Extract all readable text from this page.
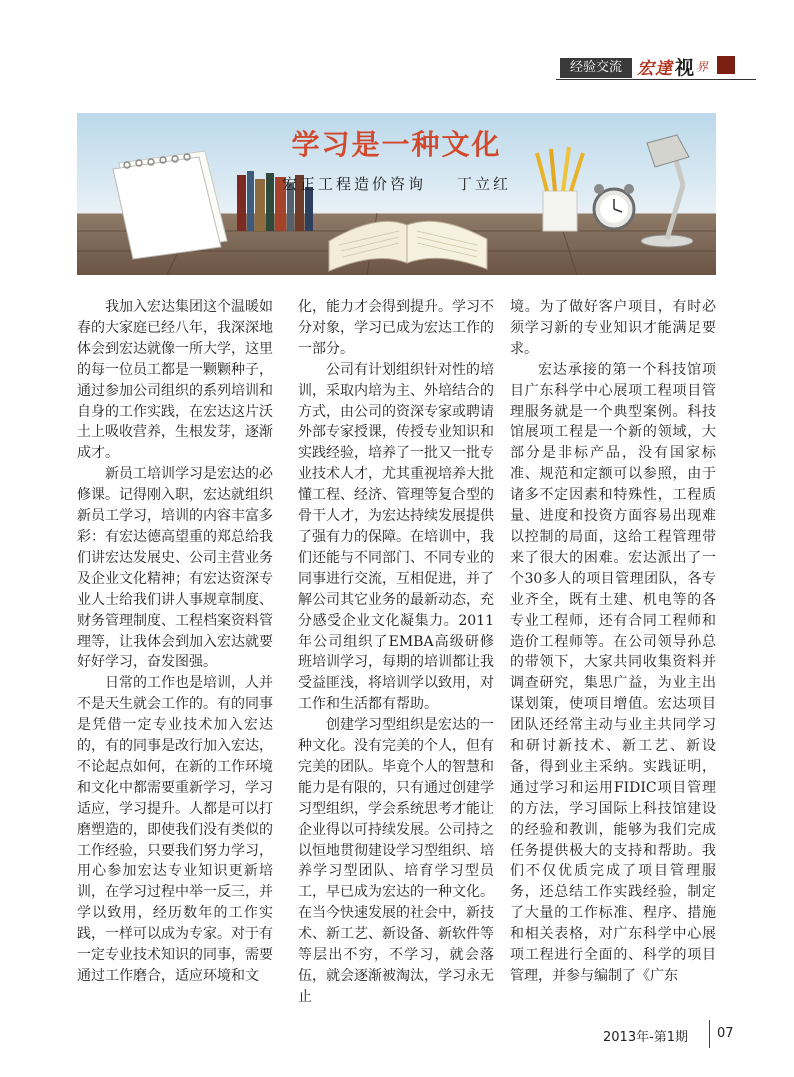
经验交流 宏達 视 界
学习是一种文化
宏正工程造价咨询    丁立红

我加入宏达集团这个温暖如春的大家庭已经八年，我深深地体会到宏达就像一所大学，这里的每一位员工都是一颗颗种子，通过参加公司组织的系列培训和自身的工作实践，在宏达这片沃土上吸收营养，生根发芽，逐渐成才。

新员工培训学习是宏达的必修课。记得刚入职，宏达就组织新员工学习，培训的内容丰富多彩：有宏达德高望重的郑总给我们讲宏达发展史、公司主营业务及企业文化精神；有宏达资深专业人士给我们讲人事规章制度、财务管理制度、工程档案资料管理等，让我体会到加入宏达就要好好学习，奋发图强。

日常的工作也是培训，人并不是天生就会工作的。有的同事是凭借一定专业技术加入宏达的，有的同事是改行加入宏达，不论起点如何，在新的工作环境和文化中都需要重新学习，学习适应，学习提升。人都是可以打磨塑造的，即使我们没有类似的工作经验，只要我们努力学习，用心参加宏达专业知识更新培训，在学习过程中举一反三，并学以致用，经历数年的工作实践，一样可以成为专家。对于有一定专业技术知识的同事，需要通过工作磨合，适应环境和文

化，能力才会得到提升。学习不分对象，学习已成为宏达工作的一部分。

公司有计划组织针对性的培训，采取内培为主、外培结合的方式，由公司的资深专家或聘请外部专家授课，传授专业知识和实践经验，培养了一批又一批专业技术人才，尤其重视培养大批懂工程、经济、管理等复合型的骨干人才，为宏达持续发展提供了强有力的保障。在培训中，我们还能与不同部门、不同专业的同事进行交流，互相促进，并了解公司其它业务的最新动态，充分感受企业文化凝集力。2011年公司组织了EMBA高级研修班培训学习，每期的培训都让我受益匪浅，将培训学以致用，对工作和生活都有帮助。

创建学习型组织是宏达的一种文化。没有完美的个人，但有完美的团队。毕竟个人的智慧和能力是有限的，只有通过创建学习型组织，学会系统思考才能让企业得以可持续发展。公司持之以恒地贯彻建设学习型组织、培养学习型团队、培育学习型员工，早已成为宏达的一种文化。在当今快速发展的社会中，新技术、新工艺、新设备、新软件等等层出不穷，不学习，就会落伍，就会逐渐被淘汰，学习永无止

境。为了做好客户项目，有时必须学习新的专业知识才能满足要求。

宏达承接的第一个科技馆项目广东科学中心展项工程项目管理服务就是一个典型案例。科技馆展项工程是一个新的领域，大部分是非标产品，没有国家标准、规范和定额可以参照，由于诸多不定因素和特殊性，工程质量、进度和投资方面容易出现难以控制的局面，这给工程管理带来了很大的困难。宏达派出了一个30多人的项目管理团队，各专业齐全，既有土建、机电等的各专业工程师，还有合同工程师和造价工程师等。在公司领导孙总的带领下，大家共同收集资料并调查研究，集思广益，为业主出谋划策，使项目增值。宏达项目团队还经常主动与业主共同学习和研讨新技术、新工艺、新设备，得到业主采纳。实践证明，通过学习和运用FIDIC项目管理的方法，学习国际上科技馆建设的经验和教训，能够为我们完成任务提供极大的支持和帮助。我们不仅优质完成了项目管理服务，还总结工作实践经验，制定了大量的工作标准、程序、措施和相关表格，对广东科学中心展项工程进行全面的、科学的项目管理，并参与编制了《广东

2013年-第1期 07
